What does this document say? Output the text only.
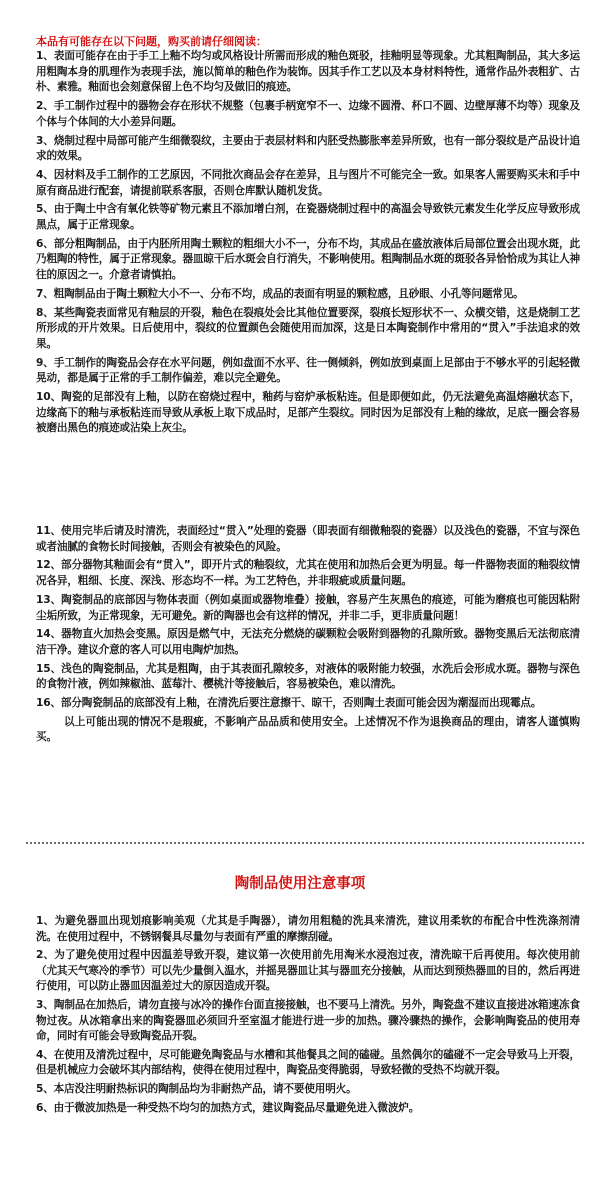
本品有可能存在以下问题，购买前请仔细阅读：

1、表面可能存在由于手工上釉不均匀或风格设计所需而形成的釉色斑驳，挂釉明显等现象。尤其粗陶制品，其大多运用粗陶本身的肌理作为表现手法，施以简单的釉色作为装饰。因其手作工艺以及本身材料特性，通常作品外表粗犷、古朴、素雅。釉面也会刻意保留上色不均匀及做旧的痕迹。

2、手工制作过程中的器物会存在形状不规整（包裹手柄宽窄不一、边缘不圆滑、杯口不圆、边壁厚薄不均等）现象及个体与个体间的大小差异问题。

3、烧制过程中局部可能产生细微裂纹，主要由于表层材料和内胚受热膨胀率差异所致，也有一部分裂纹是产品设计追求的效果。

4、因材料及手工制作的工艺原因，不同批次商品会存在差异，且与图片不可能完全一致。如果客人需要购买未和手中原有商品进行配套，请提前联系客服，否则仓库默认随机发货。

5、由于陶土中含有氧化铁等矿物元素且不添加增白剂，在瓷器烧制过程中的高温会导致铁元素发生化学反应导致形成黑点，属于正常现象。

6、部分粗陶制品，由于内胚所用陶土颗粒的粗细大小不一，分布不均，其成品在盛放液体后局部位置会出现水斑，此乃粗陶的特性，属于正常现象。器皿晾干后水斑会自行消失，不影响使用。粗陶制品水斑的斑驳各异恰恰成为其让人神往的原因之一。介意者请慎拍。

7、粗陶制品由于陶土颗粒大小不一、分布不均，成品的表面有明显的颗粒感，且砂眼、小孔等问题常见。

8、某些陶瓷表面常见有釉层的开裂，釉色在裂痕处会比其他位置要深，裂痕长短形状不一、众横交错，这是烧制工艺所形成的开片效果。日后使用中，裂纹的位置颜色会随使用而加深，这是日本陶瓷制作中常用的“贯入”手法追求的效果。

9、手工制作的陶瓷品会存在水平问题，例如盘面不水平、往一侧倾斜，例如放到桌面上足部由于不够水平的引起轻微晃动，都是属于正常的手工制作偏差，难以完全避免。

10、陶瓷的足部没有上釉，以防在窑烧过程中，釉药与窑炉承板粘连。但是即便如此，仍无法避免高温熔融状态下，边缘高下的釉与承板粘连而导致从承板上取下成品时，足部产生裂纹。同时因为足部没有上釉的缘故，足底一圈会容易被磨出黑色的痕迹或沾染上灰尘。

11、使用完毕后请及时清洗，表面经过“贯入”处理的瓷器（即表面有细微釉裂的瓷器）以及浅色的瓷器，不宜与深色或者油腻的食物长时间接触，否则会有被染色的风险。

12、部分器物其釉面会有“贯入”，即开片式的釉裂纹，尤其在使用和加热后会更为明显。每一件器物表面的釉裂纹情况各异，粗细、长度、深浅、形态均不一样。为工艺特色，并非瑕疵或质量问题。

13、陶瓷制品的底部因与物体表面（例如桌面或器物堆叠）接触，容易产生灰黑色的痕迹，可能为磨痕也可能因粘附尘垢所致，为正常现象，无可避免。新的陶器也会有这样的情况，并非二手，更非质量问题！

14、器物直火加热会变黑。原因是燃气中，无法充分燃烧的碳颗粒会吸附到器物的孔隙所致。器物变黑后无法彻底清洁干净。建议介意的客人可以用电陶炉加热。

15、浅色的陶瓷制品，尤其是粗陶，由于其表面孔隙较多，对液体的吸附能力较强，水洗后会形成水斑。器物与深色的食物汁液，例如辣椒油、蓝莓汁、樱桃汁等接触后，容易被染色，难以清洗。

16、部分陶瓷制品的底部没有上釉，在清洗后要注意擦干、晾干，否则陶土表面可能会因为潮湿而出现霉点。

以上可能出现的情况不是瑕疵，不影响产品品质和使用安全。上述情况不作为退换商品的理由，请客人谨慎购买。

陶制品使用注意事项

1、为避免器皿出现划痕影响美观（尤其是手陶器），请勿用粗糙的洗具来清洗，建议用柔软的布配合中性洗涤剂清洗。在使用过程中，不锈钢餐具尽量勿与表面有严重的摩擦刮碰。

2、为了避免使用过程中因温差导致开裂，建议第一次使用前先用淘米水浸泡过夜，清洗晾干后再使用。每次使用前（尤其天气寒冷的季节）可以先少量倒入温水，并摇晃器皿让其与器皿充分接触，从而达到预热器皿的目的，然后再进行使用，可以防止器皿因温差过大的原因造成开裂。

3、陶制品在加热后，请勿直接与冰冷的操作台面直接接触，也不要马上清洗。另外，陶瓷盘不建议直接进冰箱速冻食物过夜。从冰箱拿出来的陶瓷器皿必须回升至室温才能进行进一步的加热。骤冷骤热的操作，会影响陶瓷品的使用寿命，同时有可能会导致陶瓷品开裂。

4、在使用及清洗过程中，尽可能避免陶瓷品与水槽和其他餐具之间的磕碰。虽然偶尔的磕碰不一定会导致马上开裂，但是机械应力会破坏其内部结构，使得在使用过程中，陶瓷品变得脆弱，导致轻微的受热不均就开裂。

5、本店没注明耐热标识的陶制品均为非耐热产品，请不要使用明火。

6、由于微波加热是一种受热不均匀的加热方式，建议陶瓷品尽量避免进入微波炉。
